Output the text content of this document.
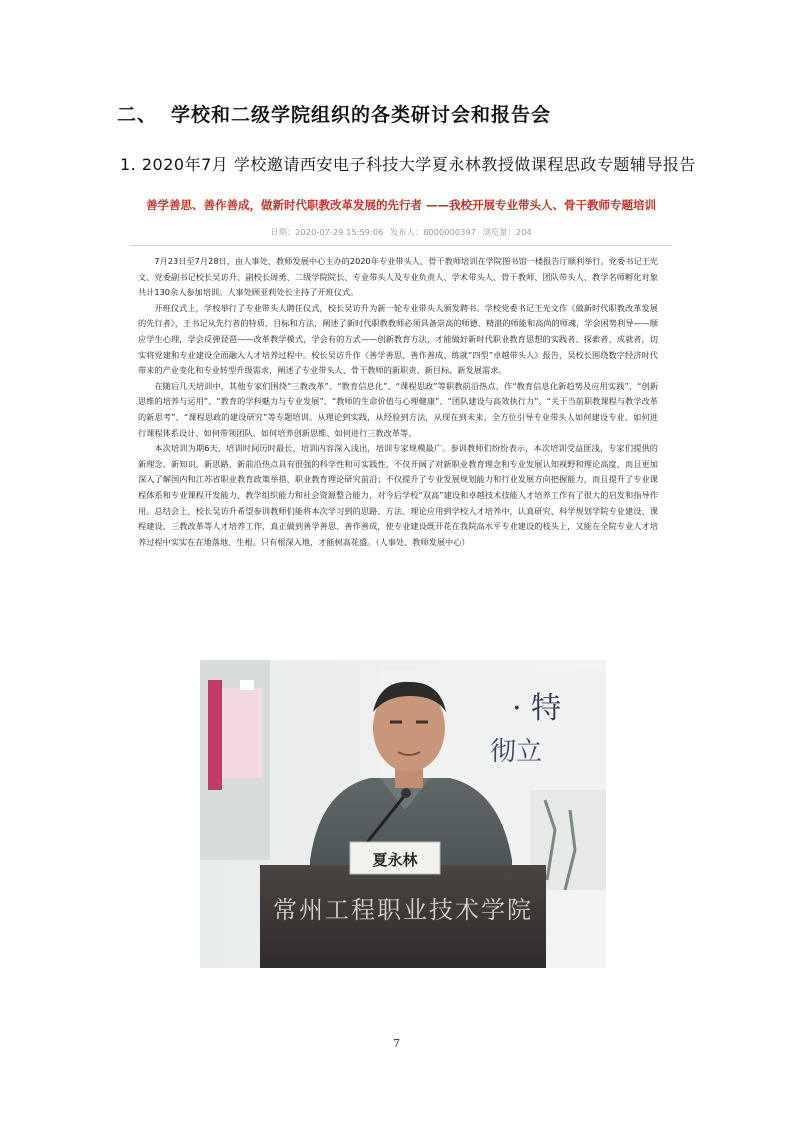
二、 学校和二级学院组织的各类研讨会和报告会
1. 2020年7月 学校邀请西安电子科技大学夏永林教授做课程思政专题辅导报告
善学善思、善作善成，做新时代职教改革发展的先行者 ——我校开展专业带头人、骨干教师专题培训
日期：2020-07-29 15:59:06 发布人：8000000397 浏览量：204

7月23日至7月28日，由人事处、教师发展中心主办的2020年专业带头人、骨干教师培训在学院图书馆一楼报告厅顺利举行。党委书记王光文、党委副书记校长吴访升、副校长周勇、二级学院院长、专业带头人及专业负责人、学术带头人、骨干教师、团队带头人、教学名师孵化对象共计130余人参加培训。人事处顾亚莉处长主持了开班仪式。

开班仪式上，学校举行了专业带头人聘任仪式，校长吴访升为新一轮专业带头人颁发聘书。学校党委书记王光文作《做新时代职教改革发展的先行者》，王书记从先行者的特质、目标和方法，阐述了新时代职教教师必须具备崇高的师德、精湛的师能和高尚的师魂，学会困势利导——顺应学生心理，学会反弹琵琶——改革教学模式，学会有的方式——创新教育方法，才能做好新时代职业教育思想的实践者、探索者、成就者，切实将党建和专业建设全面融入人才培养过程中。校长吴访升作《善学善思、善作善成、练就“四型”卓越带头人》报告，吴校长围绕数字经济时代带来的产业变化和专业转型升级需求，阐述了专业带头人、骨干教师的新职责、新目标、新发展需求。

在随后几天培训中，其他专家们围绕“三教改革”、“教育信息化”、“课程思政”等职教前沿热点，作“教育信息化新趋势及应用实践”、“创新思维的培养与运用”、“教育的学科魅力与专业发展”、“教师的生命价值与心理健康”、“团队建设与高效执行力”、“关于当前职教课程与教学改革的新思考”、“课程思政的建设研究”等专题培训。从理论到实践，从经验到方法，从现在到未来，全方位引导专业带头人如何建设专业、如何进行课程体系设计、如何带领团队、如何培养创新思维、如何进行三教改革等。

本次培训为期6天，培训时间历时最长，培训内容深入浅出，培训专家规模最广。参训教师们纷纷表示，本次培训受益匪浅，专家们提供的新理念、新知识、新思路、新前沿热点具有很强的科学性和可实践性，不仅开阔了对新职业教育理念和专业发展认知视野和理论高度，而且更加深入了解国内和江苏省职业教育政策举措、职业教育理论研究前沿；不仅提升了专业发展规划能力和行业发展方向把握能力，而且提升了专业课程体系和专业课程开发能力、教学组织能力和社会资源整合能力，对今后学校“双高”建设和卓越技术技能人才培养工作有了很大的启发和指导作用。总结会上，校长吴访升希望参训教师们能将本次学习到的思路、方法、理论应用到学校人才培养中，认真研究、科学规划学院专业建设、课程建设、三教改革等人才培养工作，真正做到善学善思、善作善成，使专业建设既开花在我院高水平专业建设的枝头上，又能在全院专业人才培养过程中实实在在地落地、生根。只有根深入地，才能树高花盛。（人事处、教师发展中心）

· 特
彻立
夏永林
常州工程职业技术学院
7
